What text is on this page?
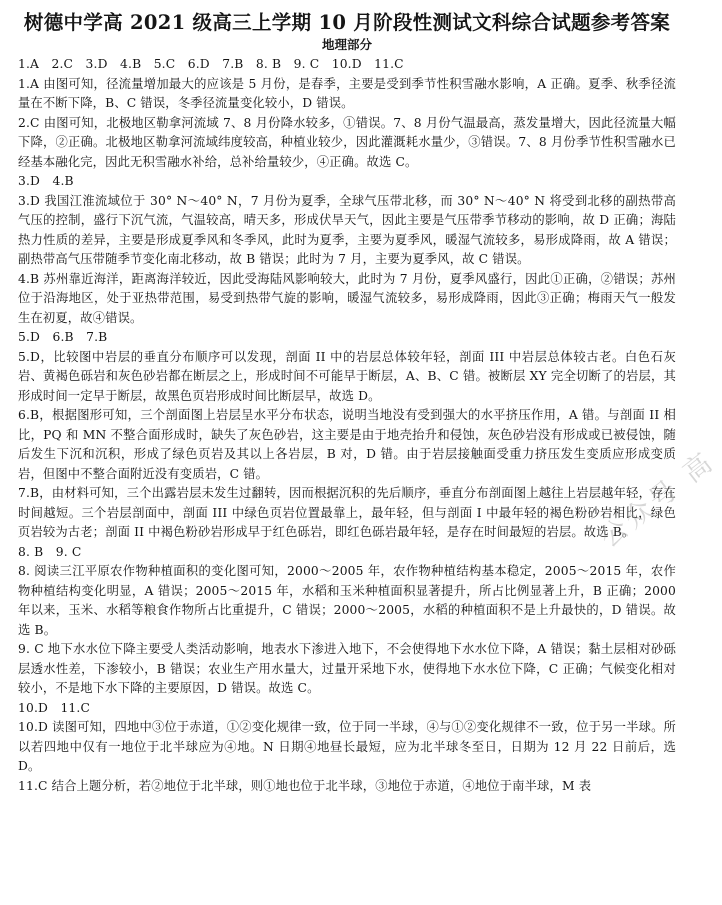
树德中学高 2021 级高三上学期 10 月阶段性测试文科综合试题参考答案
地理部分

1.A　2.C　3.D　4.B　5.C　6.D　7.B　8. B　9. C　10.D　11.C

1.A 由图可知，径流量增加最大的应该是 5 月份，是春季，主要是受到季节性积雪融水影响，A 正确。夏季、秋季径流量在不断下降，B、C 错误，冬季径流量变化较小，D 错误。

2.C 由图可知，北极地区勒拿河流域 7、8 月份降水较多，①错误。7、8 月份气温最高，蒸发量增大，因此径流量大幅下降，②正确。北极地区勒拿河流域纬度较高，种植业较少，因此灌溉耗水量少，③错误。7、8 月份季节性积雪融水已经基本融化完，因此无积雪融水补给，总补给量较少，④正确。故选 C。

3.D　4.B

3.D 我国江淮流域位于 30° N～40° N，7 月份为夏季，全球气压带北移，而 30° N～40° N 将受到北移的副热带高气压的控制，盛行下沉气流，气温较高，晴天多，形成伏旱天气，因此主要是气压带季节移动的影响，故 D 正确；海陆热力性质的差异，主要是形成夏季风和冬季风，此时为夏季，主要为夏季风，暖湿气流较多，易形成降雨，故 A 错误；副热带高气压带随季节变化南北移动，故 B 错误；此时为 7 月，主要为夏季风，故 C 错误。

4.B 苏州靠近海洋，距离海洋较近，因此受海陆风影响较大，此时为 7 月份，夏季风盛行，因此①正确，②错误；苏州位于沿海地区，处于亚热带范围，易受到热带气旋的影响，暖湿气流较多，易形成降雨，因此③正确；梅雨天气一般发生在初夏，故④错误。

5.D　6.B　7.B

5.D，比较图中岩层的垂直分布顺序可以发现，剖面 II 中的岩层总体较年轻，剖面 III 中岩层总体较古老。白色石灰岩、黄褐色砾岩和灰色砂岩都在断层之上，形成时间不可能早于断层，A、B、C 错。被断层 XY 完全切断了的岩层，其形成时间一定早于断层，故黑色页岩形成时间比断层早，故选 D。

6.B，根据图形可知，三个剖面图上岩层呈水平分布状态，说明当地没有受到强大的水平挤压作用，A 错。与剖面 II 相比，PQ 和 MN 不整合面形成时，缺失了灰色砂岩，这主要是由于地壳抬升和侵蚀，灰色砂岩没有形成或已被侵蚀，随后发生下沉和沉积，形成了绿色页岩及其以上各岩层，B 对，D 错。由于岩层接触面受重力挤压发生变质应形成变质岩，但图中不整合面附近没有变质岩，C 错。

7.B，由材料可知，三个出露岩层未发生过翻转，因而根据沉积的先后顺序，垂直分布剖面图上越往上岩层越年轻，存在时间越短。三个岩层剖面中，剖面 III 中绿色页岩位置最靠上，最年轻，但与剖面 I 中最年轻的褐色粉砂岩相比，绿色页岩较为古老；剖面 II 中褐色粉砂岩形成早于红色砾岩，即红色砾岩最年轻，是存在时间最短的岩层。故选 B。

8. B　9. C

8. 阅读三江平原农作物种植面积的变化图可知，2000～2005 年，农作物种植结构基本稳定，2005～2015 年，农作物种植结构变化明显，A 错误；2005～2015 年，水稻和玉米种植面积显著提升，所占比例显著上升，B 正确；2000 年以来，玉米、水稻等粮食作物所占比重提升，C 错误；2000～2005，水稻的种植面积不是上升最快的，D 错误。故选 B。

9. C 地下水水位下降主要受人类活动影响，地表水下渗进入地下，不会使得地下水水位下降，A 错误；黏土层相对砂砾层透水性差，下渗较小，B 错误；农业生产用水量大，过量开采地下水，使得地下水水位下降，C 正确；气候变化相对较小，不是地下水下降的主要原因，D 错误。故选 C。

10.D　11.C

10.D 读图可知，四地中③位于赤道，①②变化规律一致，位于同一半球，④与①②变化规律不一致，位于另一半球。所以若四地中仅有一地位于北半球应为④地。N 日期④地昼长最短，应为北半球冬至日，日期为 12 月 22 日前后，选 D。

11.C 结合上题分析，若②地位于北半球，则①地也位于北半球，③地位于赤道，④地位于南半球，M 表

公众号 高
